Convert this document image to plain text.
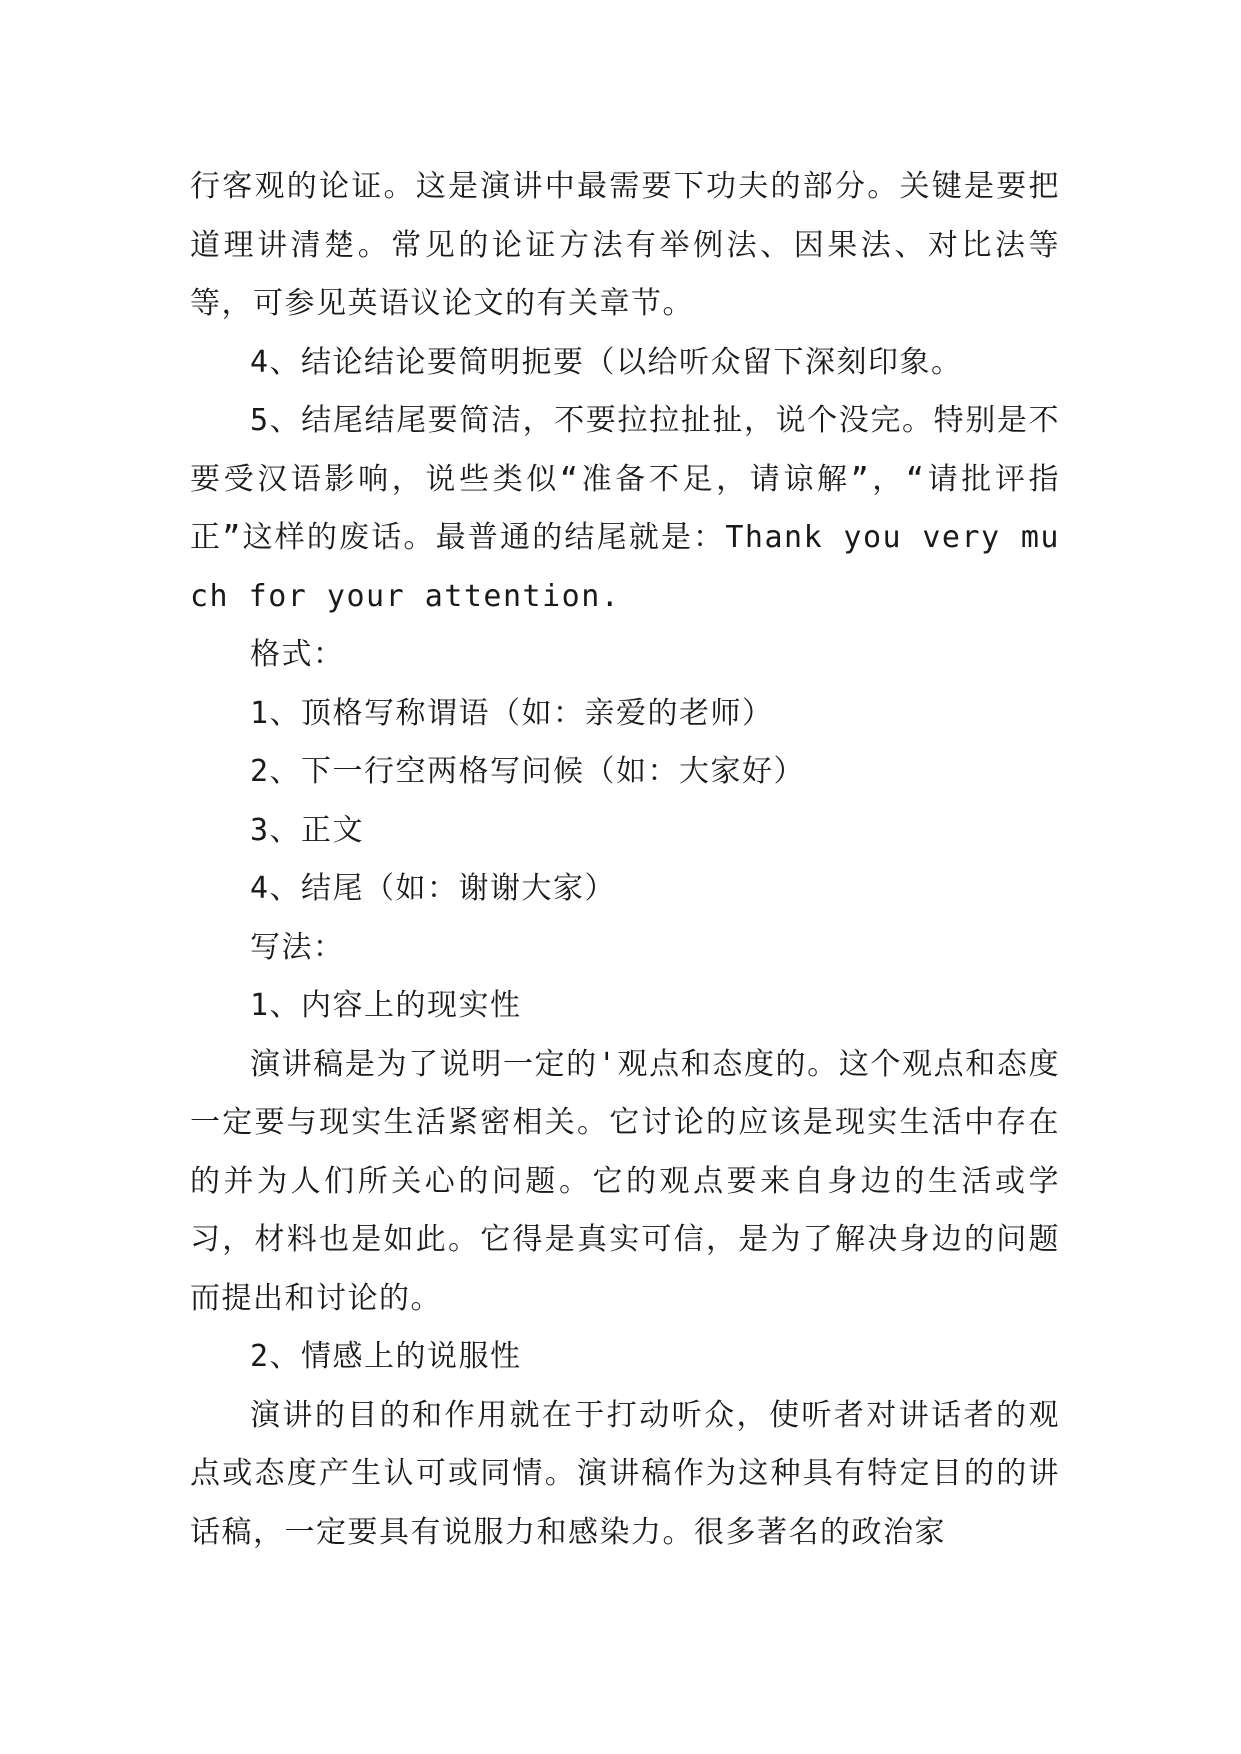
行客观的论证。这是演讲中最需要下功夫的部分。关键是要把道理讲清楚。常见的论证方法有举例法、因果法、对比法等等，可参见英语议论文的有关章节。

4、结论结论要简明扼要（以给听众留下深刻印象。

5、结尾结尾要简洁，不要拉拉扯扯，说个没完。特别是不要受汉语影响，说些类似“准备不足，请谅解”，“请批评指正”这样的废话。最普通的结尾就是：Thank you very much for your attention.

格式：

1、顶格写称谓语（如：亲爱的老师）

2、下一行空两格写问候（如：大家好）

3、正文

4、结尾（如：谢谢大家）

写法：

1、内容上的现实性

演讲稿是为了说明一定的'观点和态度的。这个观点和态度一定要与现实生活紧密相关。它讨论的应该是现实生活中存在的并为人们所关心的问题。它的观点要来自身边的生活或学习，材料也是如此。它得是真实可信，是为了解决身边的问题而提出和讨论的。

2、情感上的说服性

演讲的目的和作用就在于打动听众，使听者对讲话者的观点或态度产生认可或同情。演讲稿作为这种具有特定目的的讲话稿，一定要具有说服力和感染力。很多著名的政治家
